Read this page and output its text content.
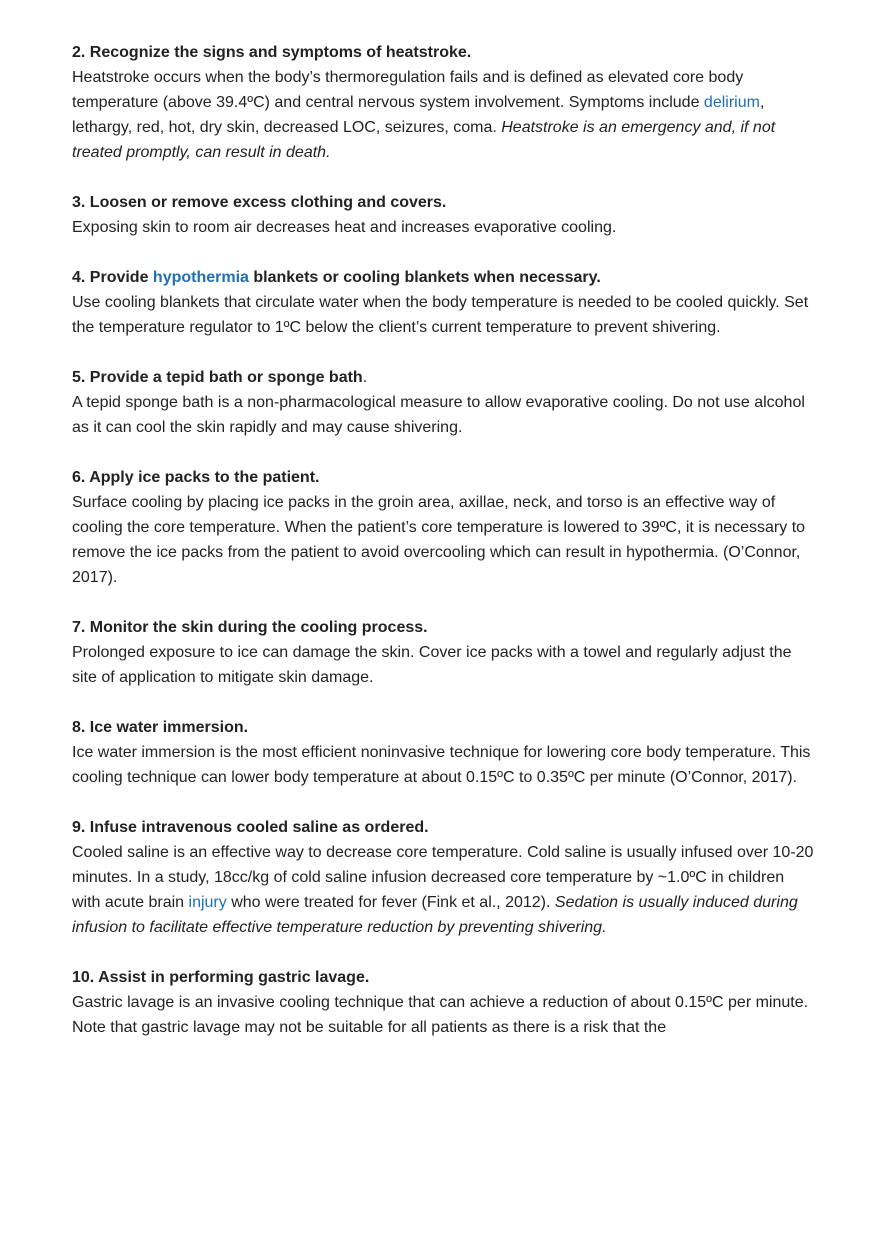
2. Recognize the signs and symptoms of heatstroke.

Heatstroke occurs when the body’s thermoregulation fails and is defined as elevated core body temperature (above 39.4ºC) and central nervous system involvement. Symptoms include delirium, lethargy, red, hot, dry skin, decreased LOC, seizures, coma. Heatstroke is an emergency and, if not treated promptly, can result in death.

3. Loosen or remove excess clothing and covers.

Exposing skin to room air decreases heat and increases evaporative cooling.

4. Provide hypothermia blankets or cooling blankets when necessary.

Use cooling blankets that circulate water when the body temperature is needed to be cooled quickly. Set the temperature regulator to 1ºC below the client’s current temperature to prevent shivering.

5. Provide a tepid bath or sponge bath.

A tepid sponge bath is a non-pharmacological measure to allow evaporative cooling. Do not use alcohol as it can cool the skin rapidly and may cause shivering.

6. Apply ice packs to the patient.

Surface cooling by placing ice packs in the groin area, axillae, neck, and torso is an effective way of cooling the core temperature. When the patient’s core temperature is lowered to 39ºC, it is necessary to remove the ice packs from the patient to avoid overcooling which can result in hypothermia. (O’Connor, 2017).

7. Monitor the skin during the cooling process.

Prolonged exposure to ice can damage the skin. Cover ice packs with a towel and regularly adjust the site of application to mitigate skin damage.

8. Ice water immersion.

Ice water immersion is the most efficient noninvasive technique for lowering core body temperature. This cooling technique can lower body temperature at about 0.15ºC to 0.35ºC per minute (O’Connor, 2017).

9. Infuse intravenous cooled saline as ordered.

Cooled saline is an effective way to decrease core temperature. Cold saline is usually infused over 10-20 minutes. In a study, 18cc/kg of cold saline infusion decreased core temperature by ~1.0ºC in children with acute brain injury who were treated for fever (Fink et al., 2012). Sedation is usually induced during infusion to facilitate effective temperature reduction by preventing shivering.

10. Assist in performing gastric lavage.

Gastric lavage is an invasive cooling technique that can achieve a reduction of about 0.15ºC per minute. Note that gastric lavage may not be suitable for all patients as there is a risk that the
